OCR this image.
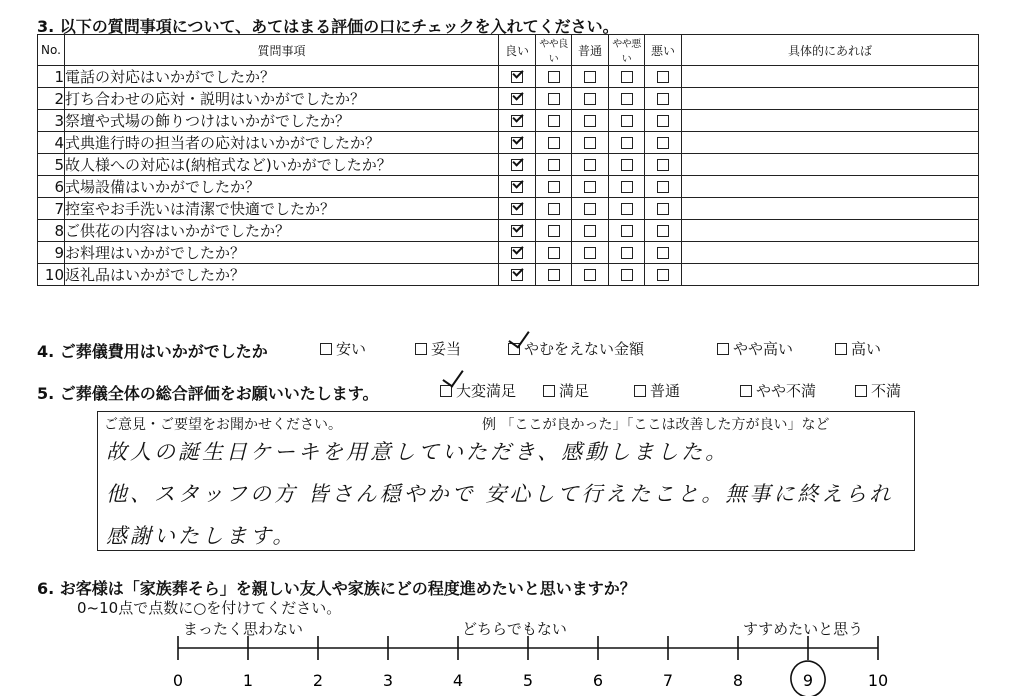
3. 以下の質問事項について、あてはまる評価の口にチェックを入れてください。
No.	質問事項	良い	やや良い	普通	やや悪い	悪い	具体的にあれば
1	電話の対応はいかがでしたか？						
2	打ち合わせの応対・説明はいかがでしたか？						
3	祭壇や式場の飾りつけはいかがでしたか？						
4	式典進行時の担当者の応対はいかがでしたか？						
5	故人様への対応は(納棺式など)いかがでしたか？						
6	式場設備はいかがでしたか？						
7	控室やお手洗いは清潔で快適でしたか？						
8	ご供花の内容はいかがでしたか？						
9	お料理はいかがでしたか？						
10	返礼品はいかがでしたか？						
4. ご葬儀費用はいかがでしたか	安い	妥当	やむをえない金額	やや高い	高い
5. ご葬儀全体の総合評価をお願いいたします。	大変満足	満足	普通	やや不満	不満
ご意見・ご要望をお聞かせください。	例 「ここが良かった」「ここは改善した方が良い」など
故人の誕生日ケーキを用意していただき、感動しました。
他、スタッフの方 皆さん穏やかで 安心して行えたこと。無事に終えられ
感謝いたします。
6. お客様は「家族葬そら」を親しい友人や家族にどの程度進めたいと思いますか？
0~10点で点数に○を付けてください。
まったく思わない	どちらでもない	すすめたいと思う
0	1	2	3	4	5	6	7	8	9	10
